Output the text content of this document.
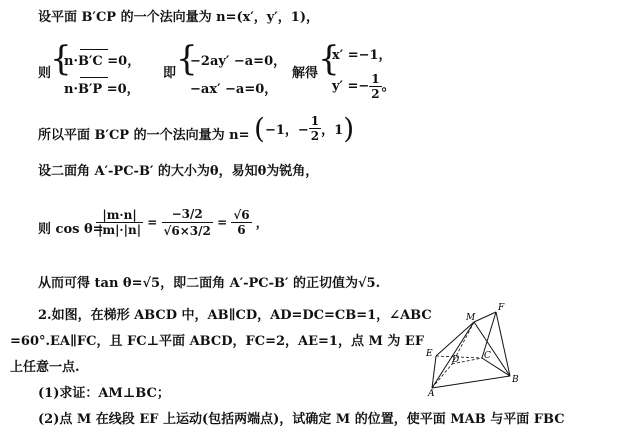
设平面 B′CP 的一个法向量为 n=(x′，y′，1)，
则
{
n·B′C =0，
n·B′P =0，
即 {
−2ay′ −a=0，
−ax′ −a=0，
解得 {
x′ =−1，
$y' =- \frac{1}{2}$ 。
所以平面 B′CP 的一个法向量为 n= (−1，− $\frac{1}{2}$ ，1)
设二面角 A′-PC-B′ 的大小为θ，易知θ为锐角，
则 cos θ=
$\frac{|m\cdot n|}{|m|\cdot|n|} = \frac{-3/2}{√6\times 3/2} = \frac{√6}{6}$ ，
从而可得 tan θ=√5，即二面角 A′-PC-B′ 的正切值为√5.
2.如图，在梯形 ABCD 中，AB∥CD，AD=DC=CB=1，∠ABC
=60°.EA∥FC，且 FC⊥平面 ABCD，FC=2，AE=1，点 M 为 EF
上任意一点.
(1)求证：AM⊥BC；
(2)点 M 在线段 EF 上运动(包括两端点)，试确定 M 的位置，使平面 MAB 与平面 FBC
M
F
E
D	C
B
A
